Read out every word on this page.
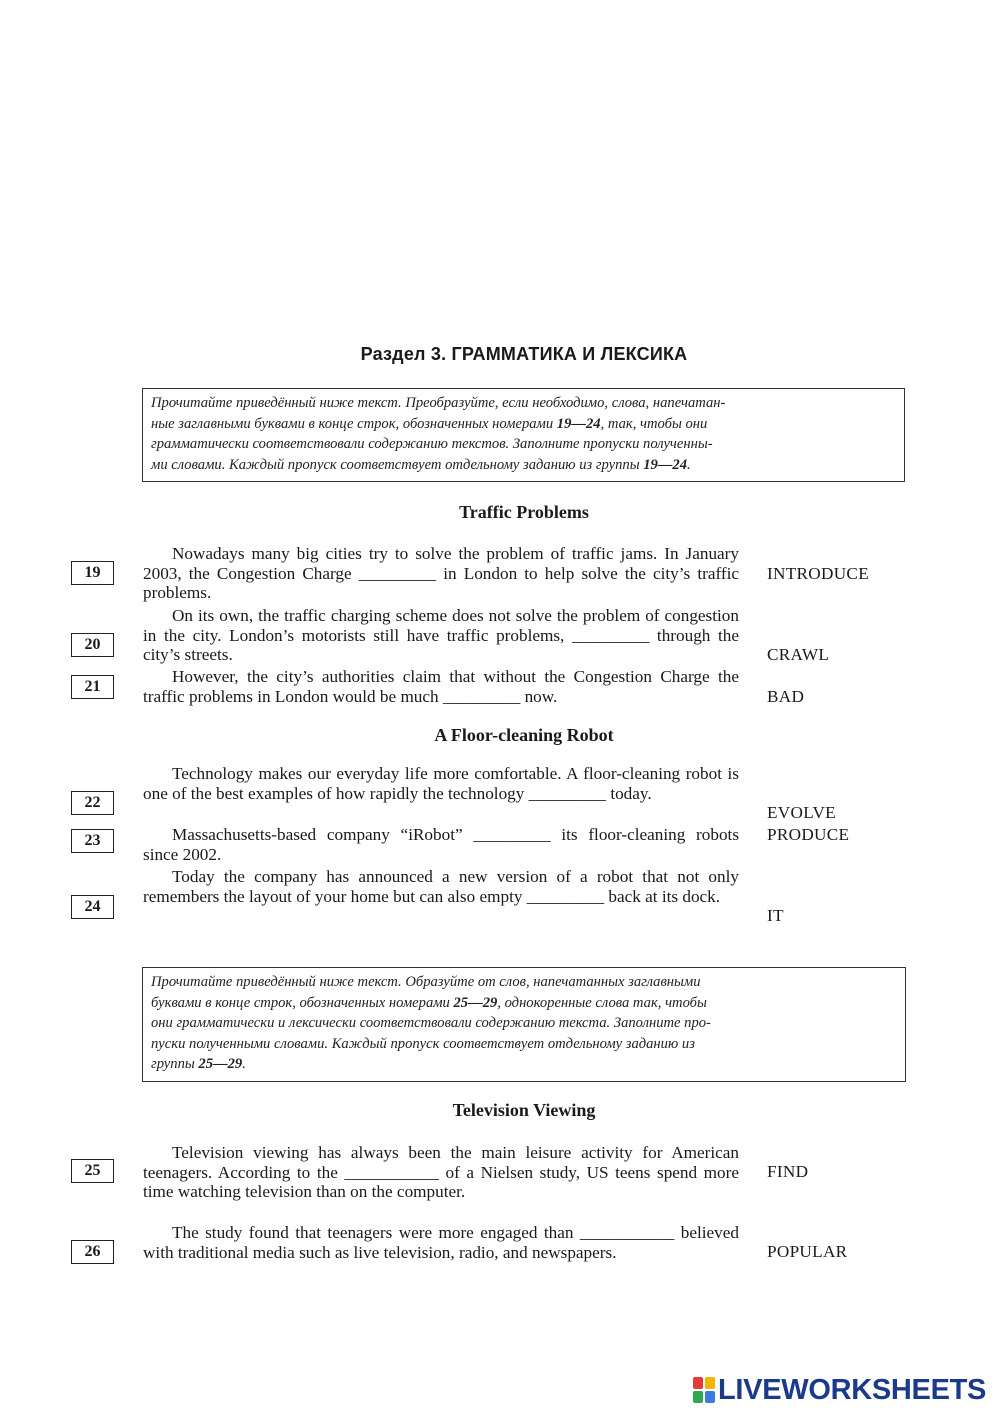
Раздел 3. ГРАММАТИКА И ЛЕКСИКА
Прочитайте приведённый ниже текст. Преобразуйте, если необходимо, слова, напечатан-
ные заглавными буквами в конце строк, обозначенных номерами 19—24, так, чтобы они
грамматически соответствовали содержанию текстов. Заполните пропуски полученны-
ми словами. Каждый пропуск соответствует отдельному заданию из группы 19—24.
Traffic Problems

Nowadays many big cities try to solve the problem of traffic jams. In January 2003, the Congestion Charge _________ in London to help solve the city’s traffic problems.

On its own, the traffic charging scheme does not solve the problem of congestion in the city. London’s motorists still have traffic problems, _________ through the city’s streets.

However, the city’s authorities claim that without the Congestion Charge the traffic problems in London would be much _________ now.

19
20
21
INTRODUCE
CRAWL
BAD
A Floor-cleaning Robot

Technology makes our everyday life more comfortable. A floor-cleaning robot is one of the best examples of how rapidly the technology _________ today.

Massachusetts-based company “iRobot” _________ its floor-cleaning robots since 2002.

Today the company has announced a new version of a robot that not only remembers the layout of your home but can also empty _________ back at its dock.

22
23
24
EVOLVE
PRODUCE
IT
Прочитайте приведённый ниже текст. Образуйте от слов, напечатанных заглавными
буквами в конце строк, обозначенных номерами 25—29, однокоренные слова так, чтобы
они грамматически и лексически соответствовали содержанию текста. Заполните про-
пуски полученными словами. Каждый пропуск соответствует отдельному заданию из
группы 25—29.
Television Viewing

Television viewing has always been the main leisure activity for American teenagers. According to the ___________ of a Nielsen study, US teens spend more time watching television than on the computer.

The study found that teenagers were more engaged than ___________ believed with traditional media such as live television, radio, and newspapers.

25
26
FIND
POPULAR
LIVEWORKSHEETS
